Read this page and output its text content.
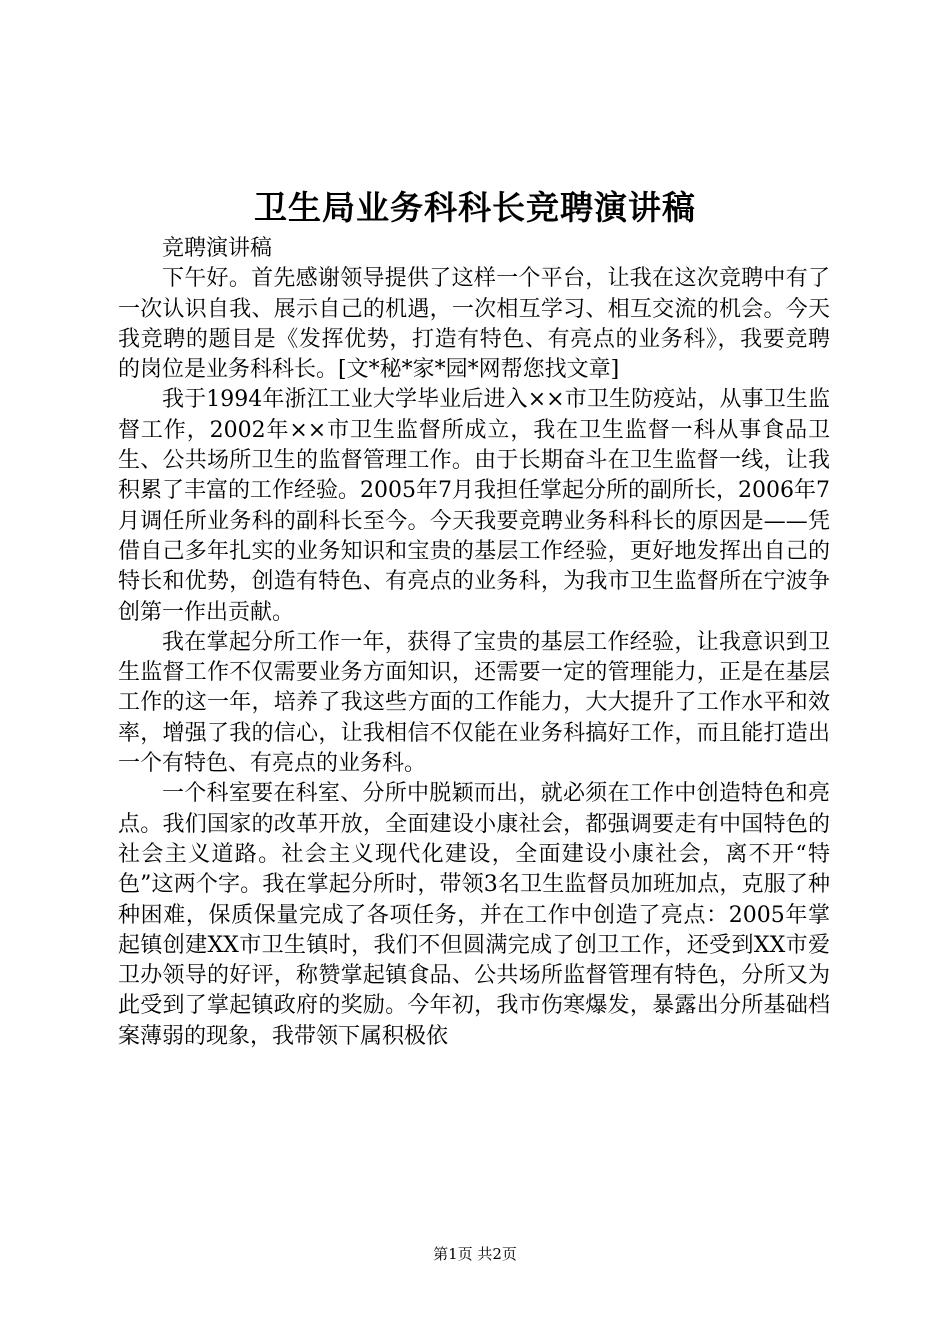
卫生局业务科科长竞聘演讲稿

竞聘演讲稿

下午好。首先感谢领导提供了这样一个平台，让我在这次竞聘中有了一次认识自我、展示自己的机遇，一次相互学习、相互交流的机会。今天我竞聘的题目是《发挥优势，打造有特色、有亮点的业务科》，我要竞聘的岗位是业务科科长。[文*秘*家*园*网帮您找文章]

我于1994年浙江工业大学毕业后进入××市卫生防疫站，从事卫生监督工作，2002年××市卫生监督所成立，我在卫生监督一科从事食品卫生、公共场所卫生的监督管理工作。由于长期奋斗在卫生监督一线，让我积累了丰富的工作经验。2005年7月我担任掌起分所的副所长，2006年7月调任所业务科的副科长至今。今天我要竞聘业务科科长的原因是——凭借自己多年扎实的业务知识和宝贵的基层工作经验，更好地发挥出自己的特长和优势，创造有特色、有亮点的业务科，为我市卫生监督所在宁波争创第一作出贡献。

我在掌起分所工作一年，获得了宝贵的基层工作经验，让我意识到卫生监督工作不仅需要业务方面知识，还需要一定的管理能力，正是在基层工作的这一年，培养了我这些方面的工作能力，大大提升了工作水平和效率，增强了我的信心，让我相信不仅能在业务科搞好工作，而且能打造出一个有特色、有亮点的业务科。

一个科室要在科室、分所中脱颖而出，就必须在工作中创造特色和亮点。我们国家的改革开放，全面建设小康社会，都强调要走有中国特色的社会主义道路。社会主义现代化建设，全面建设小康社会，离不开“特色”这两个字。我在掌起分所时，带领3名卫生监督员加班加点，克服了种种困难，保质保量完成了各项任务，并在工作中创造了亮点：2005年掌起镇创建XX市卫生镇时，我们不但圆满完成了创卫工作，还受到XX市爱卫办领导的好评，称赞掌起镇食品、公共场所监督管理有特色，分所又为此受到了掌起镇政府的奖励。今年初，我市伤寒爆发，暴露出分所基础档案薄弱的现象，我带领下属积极依

第1页 共2页
